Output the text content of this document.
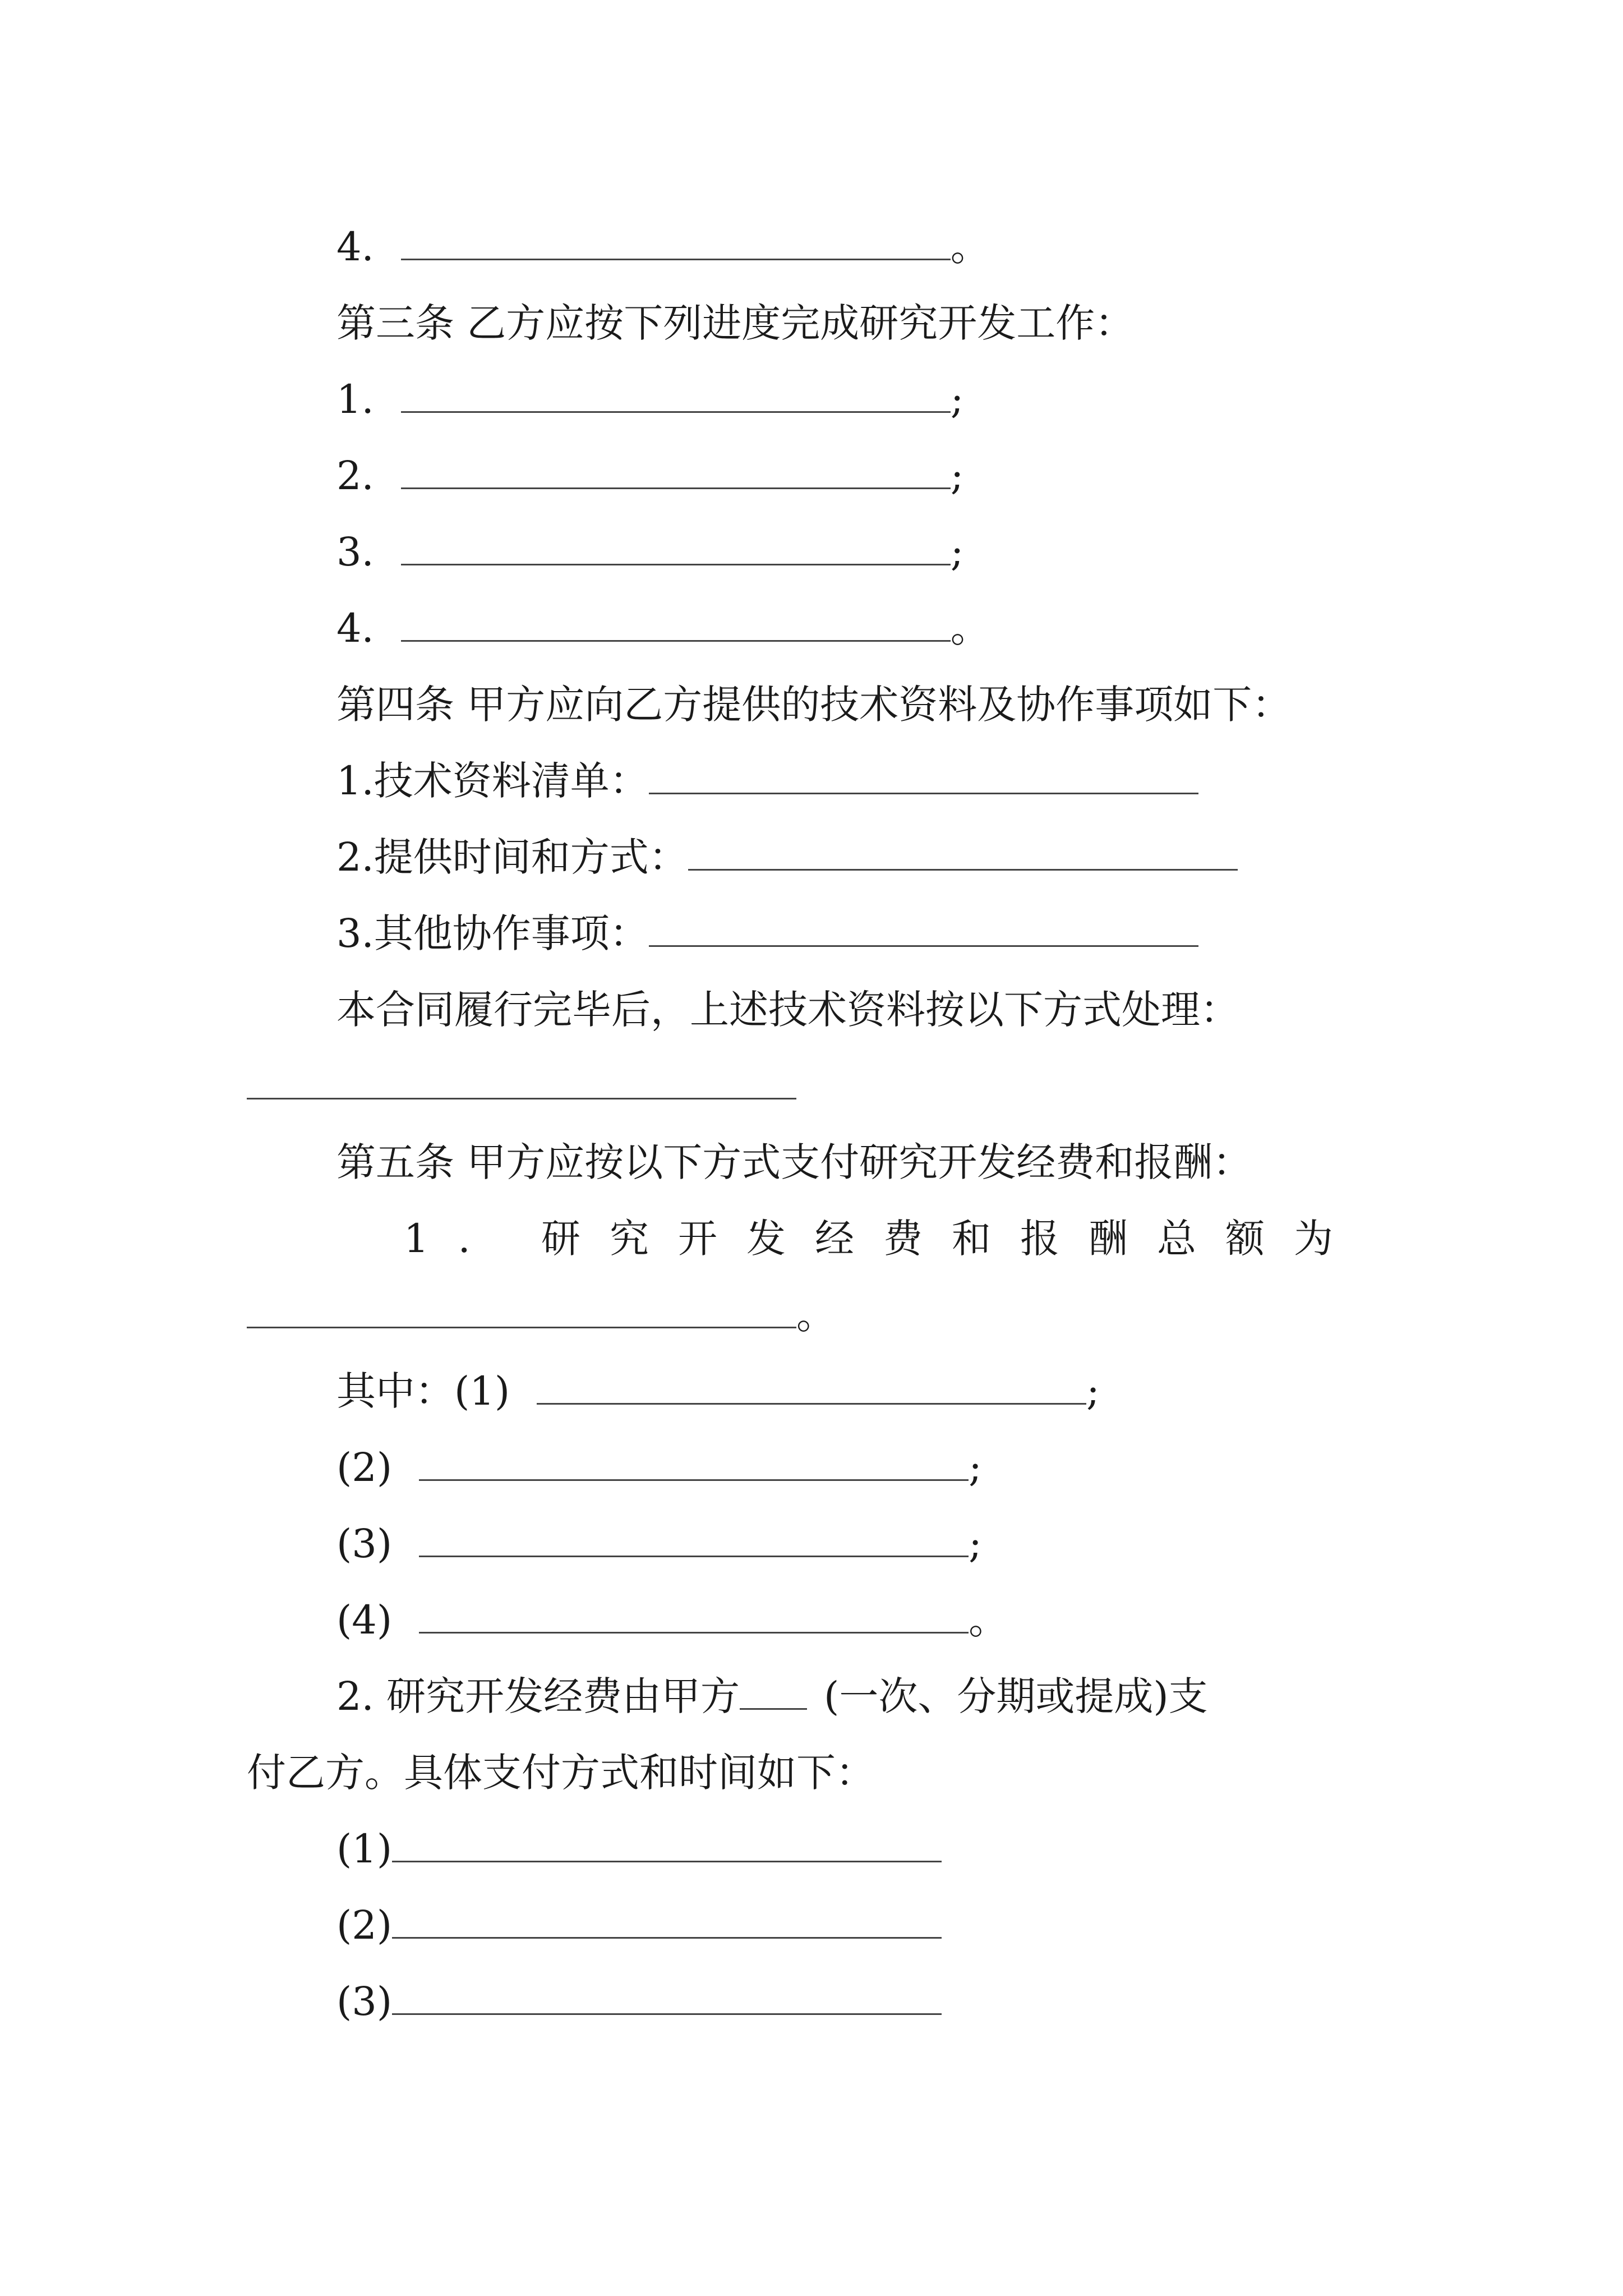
4.	。
第三条 乙方应按下列进度完成研究开发工作：
1.	;
2.	;
3.	;
4.	。
第四条 甲方应向乙方提供的技术资料及协作事项如下：
1.技术资料清单：
2.提供时间和方式：
3.其他协作事项：
本合同履行完毕后，上述技术资料按以下方式处理：
第五条 甲方应按以下方式支付研究开发经费和报酬：
1. 研究开发经费和报酬总额为
。
其中：(1)	;
(2)	;
(3)	;
(4)	。
2. 研究开发经费由甲方 (一次、分期或提成)支
付乙方。具体支付方式和时间如下：
(1)
(2)
(3)
